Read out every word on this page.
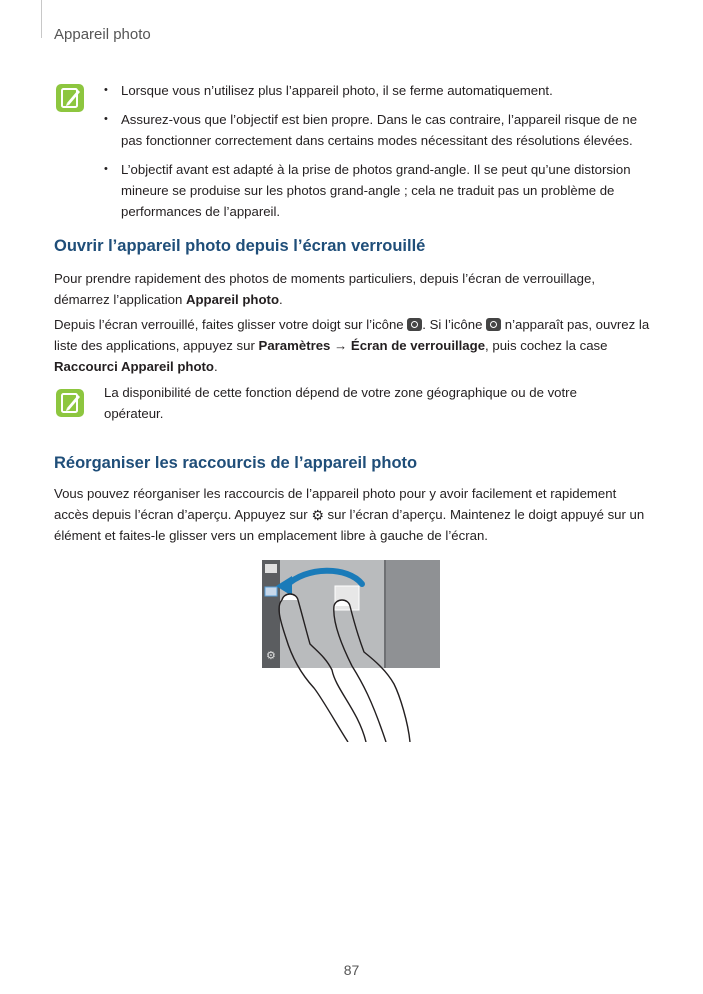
Appareil photo
• Lorsque vous n’utilisez plus l’appareil photo, il se ferme automatiquement.
• Assurez-vous que l’objectif est bien propre. Dans le cas contraire, l’appareil risque de ne pas fonctionner correctement dans certains modes nécessitant des résolutions élevées.
• L’objectif avant est adapté à la prise de photos grand-angle. Il se peut qu’une distorsion mineure se produise sur les photos grand-angle ; cela ne traduit pas un problème de performances de l’appareil.
Ouvrir l’appareil photo depuis l’écran verrouillé

Pour prendre rapidement des photos de moments particuliers, depuis l’écran de verrouillage, démarrez l’application Appareil photo.

Depuis l’écran verrouillé, faites glisser votre doigt sur l’icône . Si l’icône  n’apparaît pas, ouvrez la liste des applications, appuyez sur Paramètres → Écran de verrouillage, puis cochez la case Raccourci Appareil photo.

La disponibilité de cette fonction dépend de votre zone géographique ou de votre opérateur.

Réorganiser les raccourcis de l’appareil photo

Vous pouvez réorganiser les raccourcis de l’appareil photo pour y avoir facilement et rapidement accès depuis l’écran d’aperçu. Appuyez sur ⚙ sur l’écran d’aperçu. Maintenez le doigt appuyé sur un élément et faites-le glisser vers un emplacement libre à gauche de l’écran.

⚙
87
